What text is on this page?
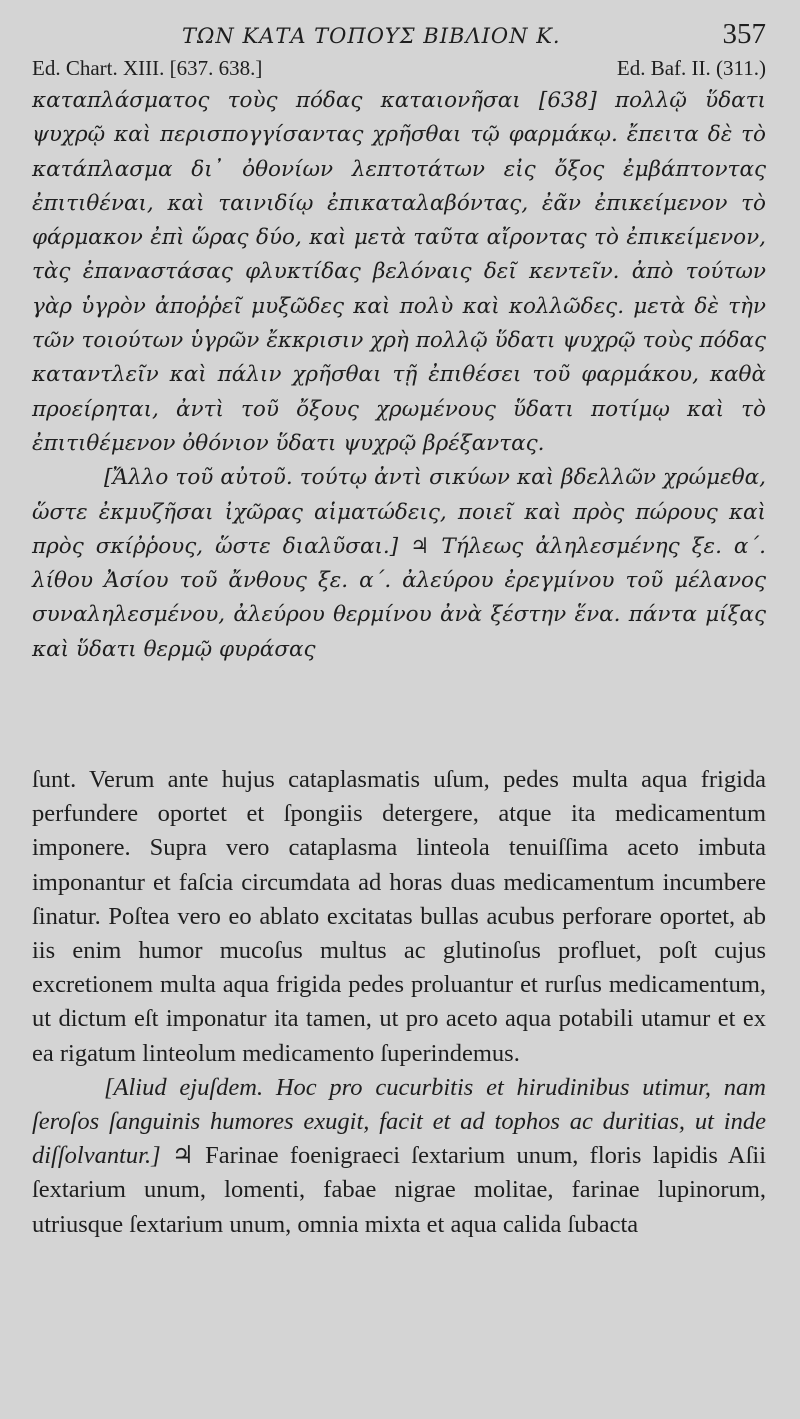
ΤΩΝ ΚΑΤΑ ΤΟΠΟΥΣ ΒΙΒΛΙΟΝ Κ.	357
Ed. Chart. XIII. [637. 638.]	Ed. Baf. II. (311.)

καταπλάσματος τοὺς πόδας καταιονῆσαι [638] πολλῷ ὕδατι ψυχρῷ καὶ περισπογγίσαντας χρῆσθαι τῷ φαρμάκῳ. ἔπειτα δὲ τὸ κατάπλασμα δι᾽ ὀθονίων λεπτοτάτων εἰς ὄξος ἐμβάπτοντας ἐπιτιθέναι, καὶ ταινιδίῳ ἐπικαταλαβόντας, ἐᾶν ἐπικείμενον τὸ φάρμακον ἐπὶ ὥρας δύο, καὶ μετὰ ταῦτα αἴροντας τὸ ἐπικείμενον, τὰς ἐπαναστάσας φλυκτίδας βελόναις δεῖ κεντεῖν. ἀπὸ τούτων γὰρ ὑγρὸν ἀποῤῥεῖ μυξῶδες καὶ πολὺ καὶ κολλῶδες. μετὰ δὲ τὴν τῶν τοιούτων ὑγρῶν ἔκκρισιν χρὴ πολλῷ ὕδατι ψυχρῷ τοὺς πόδας καταντλεῖν καὶ πάλιν χρῆσθαι τῇ ἐπιθέσει τοῦ φαρμάκου, καθὰ προείρηται, ἀντὶ τοῦ ὄξους χρωμένους ὕδατι ποτίμῳ καὶ τὸ ἐπιτιθέμενον ὀθόνιον ὕδατι ψυχρῷ βρέξαντας.

[Ἄλλο τοῦ αὐτοῦ. τούτῳ ἀντὶ σικύων καὶ βδελλῶν χρώμεθα, ὥστε ἐκμυζῆσαι ἰχῶρας αἱματώδεις, ποιεῖ καὶ πρὸς πώρους καὶ πρὸς σκίῤῥους, ὥστε διαλῦσαι.] ♃ Τήλεως ἀληλεσμένης ξε. α΄. λίθου Ἀσίου τοῦ ἄνθους ξε. α΄. ἀλεύρου ἐρεγμίνου τοῦ μέλανος συναληλεσμένου, ἀλεύρου θερμίνου ἀνὰ ξέστην ἕνα. πάντα μίξας καὶ ὕδατι θερμῷ φυράσας

ſunt. Verum ante hujus cataplasmatis uſum, pedes multa aqua frigida perfundere oportet et ſpongiis detergere, atque ita medicamentum imponere. Supra vero cataplasma linteola tenuiſſima aceto imbuta imponantur et faſcia circumdata ad horas duas medicamentum incumbere ſinatur. Poſtea vero eo ablato excitatas bullas acubus perforare oportet, ab iis enim humor mucoſus multus ac glutinoſus profluet, poſt cujus excretionem multa aqua frigida pedes proluantur et rurſus medicamentum, ut dictum eſt imponatur ita tamen, ut pro aceto aqua potabili utamur et ex ea rigatum linteolum medicamento ſuperindemus.

[Aliud ejuſdem. Hoc pro cucurbitis et hirudinibus utimur, nam ſeroſos ſanguinis humores exugit, facit et ad tophos ac duritias, ut inde diſſolvantur.] ♃ Farinae foenigraeci ſextarium unum, floris lapidis Aſii ſextarium unum, lomenti, fabae nigrae molitae, farinae lupinorum, utriusque ſextarium unum, omnia mixta et aqua calida ſubacta
